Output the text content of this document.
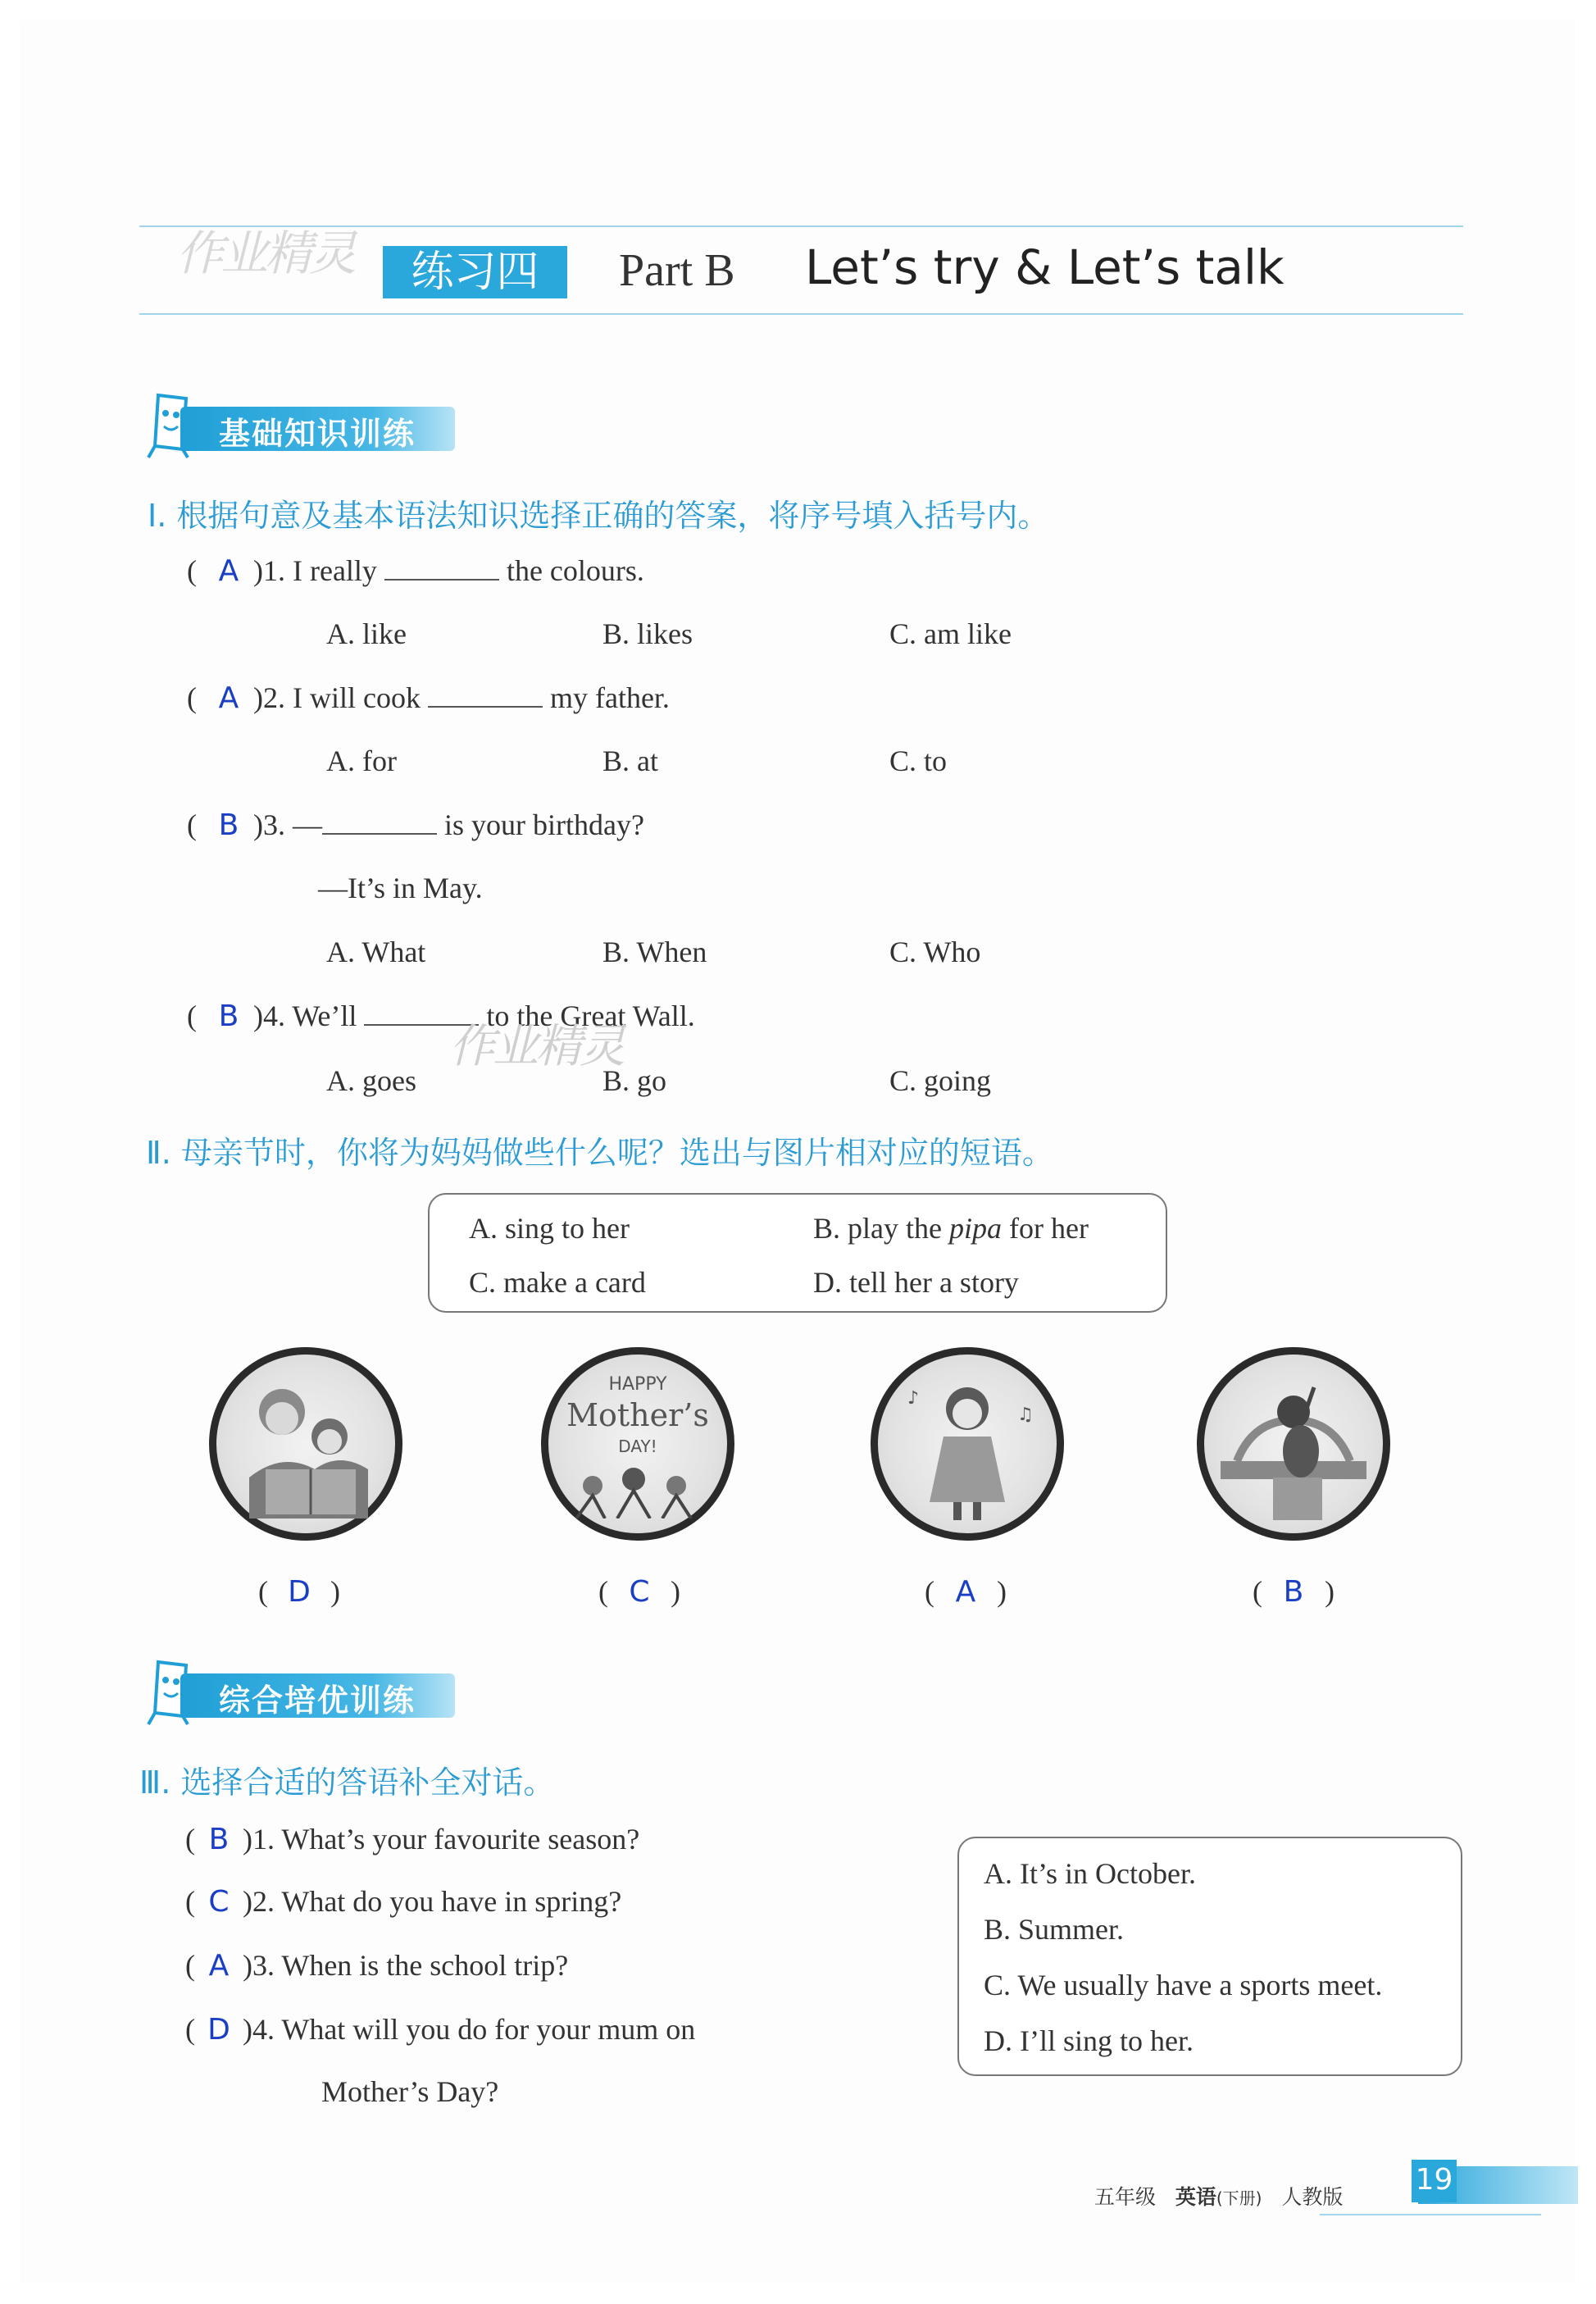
作业精灵	练习四	Part B Let’s try & Let’s talk
基础知识训练
Ⅰ. 根据句意及基本语法知识选择正确的答案，将序号填入括号内。
( A )1. I really	the colours.
A. like	B. likes	C. am like
( A )2. I will cook	my father.
A. for	B. at	C. to
( B )3. —	is your birthday?
—It’s in May.
A. What	B. When	C. Who
( B )4. We’ll	to the Great Wall.
作业精灵
A. goes	B. go	C. going
Ⅱ. 母亲节时，你将为妈妈做些什么呢？选出与图片相对应的短语。
A. sing to her	B. play the pipa for her
C. make a card	D. tell her a story
HAPPY
Mother’s
DAY!
♪
♫
( D )	( C )	( A )	( B )
综合培优训练
Ⅲ. 选择合适的答语补全对话。
( B )1. What’s your favourite season?
( C )2. What do you have in spring?
( A )3. When is the school trip?
( D )4. What will you do for your mum on
Mother’s Day?
A. It’s in October.
B. Summer.
C. We usually have a sports meet.
D. I’ll sing to her.
五年级 英语(下册) 人教版
19
